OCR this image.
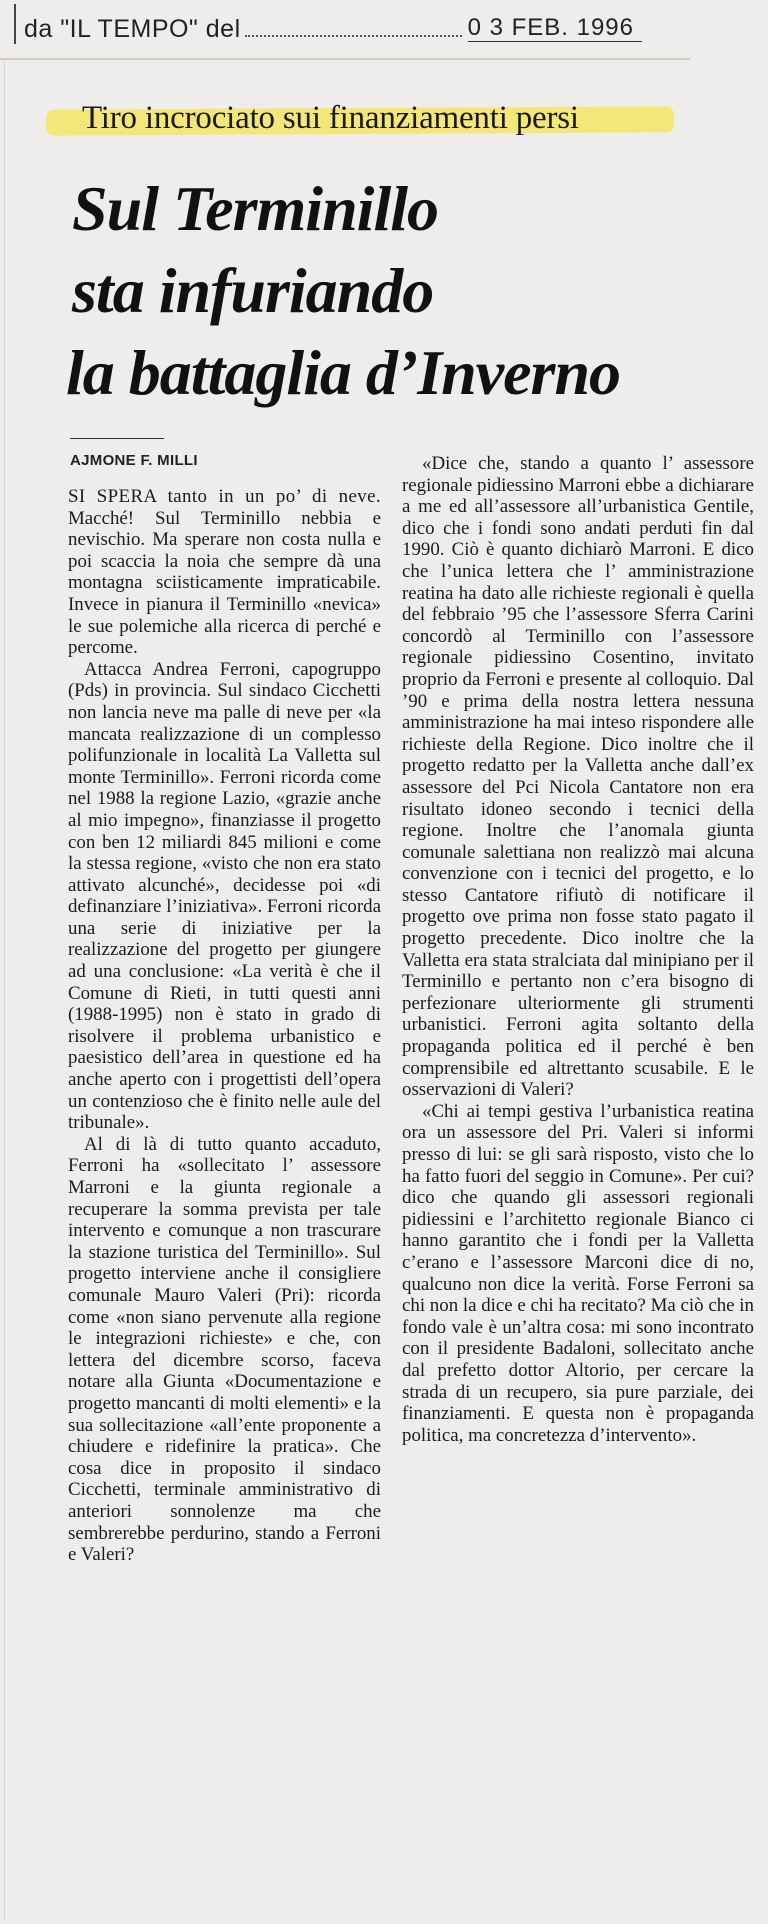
da "IL TEMPO" del	0 3 FEB. 1996
Tiro incrociato sui finanziamenti persi
Sul Terminillo
sta infuriando
la battaglia d’Inverno
AJMONE F. MILLI

SI SPERA tanto in un po’ di neve. Macché! Sul Terminillo nebbia e nevischio. Ma sperare non costa nulla e poi scaccia la noia che sempre dà una montagna sciisticamente impraticabile. Invece in pianura il Terminillo «nevica» le sue polemiche alla ricerca di perché e percome.

Attacca Andrea Ferroni, capogruppo (Pds) in provincia. Sul sindaco Cicchetti non lancia neve ma palle di neve per «la mancata realizzazione di un complesso polifunzionale in località La Valletta sul monte Terminillo». Ferroni ricorda come nel 1988 la regione Lazio, «grazie anche al mio impegno», finanziasse il progetto con ben 12 miliardi 845 milioni e come la stessa regione, «visto che non era stato attivato alcunché», decidesse poi «di definanziare l’iniziativa». Ferroni ricorda una serie di iniziative per la realizzazione del progetto per giungere ad una conclusione: «La verità è che il Comune di Rieti, in tutti questi anni (1988-1995) non è stato in grado di risolvere il problema urbanistico e paesistico dell’area in questione ed ha anche aperto con i progettisti dell’opera un contenzioso che è finito nelle aule del tribunale».

Al di là di tutto quanto accaduto, Ferroni ha «sollecitato l’ assessore Marroni e la giunta regionale a recuperare la somma prevista per tale intervento e comunque a non trascurare la stazione turistica del Terminillo». Sul progetto interviene anche il consigliere comunale Mauro Valeri (Pri): ricorda come «non siano pervenute alla regione le integrazioni richieste» e che, con lettera del dicembre scorso, faceva notare alla Giunta «Documentazione e progetto mancanti di molti elementi» e la sua sollecitazione «all’ente proponente a chiudere e ridefinire la pratica». Che cosa dice in proposito il sindaco Cicchetti, terminale amministrativo di anteriori sonnolenze ma che sembrerebbe perdurino, stando a Ferroni e Valeri?

«Dice che, stando a quanto l’ assessore regionale pidiessino Marroni ebbe a dichiarare a me ed all’assessore all’urbanistica Gentile, dico che i fondi sono andati perduti fin dal 1990. Ciò è quanto dichiarò Marroni. E dico che l’unica lettera che l’ amministrazione reatina ha dato alle richieste regionali è quella del febbraio ’95 che l’assessore Sferra Carini concordò al Terminillo con l’assessore regionale pidiessino Cosentino, invitato proprio da Ferroni e presente al colloquio. Dal ’90 e prima della nostra lettera nessuna amministrazione ha mai inteso rispondere alle richieste della Regione. Dico inoltre che il progetto redatto per la Valletta anche dall’ex assessore del Pci Nicola Cantatore non era risultato idoneo secondo i tecnici della regione. Inoltre che l’anomala giunta comunale salettiana non realizzò mai alcuna convenzione con i tecnici del progetto, e lo stesso Cantatore rifiutò di notificare il progetto ove prima non fosse stato pagato il progetto precedente. Dico inoltre che la Valletta era stata stralciata dal minipiano per il Terminillo e pertanto non c’era bisogno di perfezionare ulteriormente gli strumenti urbanistici. Ferroni agita soltanto della propaganda politica ed il perché è ben comprensibile ed altrettanto scusabile. E le osservazioni di Valeri?

«Chi ai tempi gestiva l’urbanistica reatina ora un assessore del Pri. Valeri si informi presso di lui: se gli sarà risposto, visto che lo ha fatto fuori del seggio in Comune». Per cui? dico che quando gli assessori regionali pidiessini e l’architetto regionale Bianco ci hanno garantito che i fondi per la Valletta c’erano e l’assessore Marconi dice di no, qualcuno non dice la verità. Forse Ferroni sa chi non la dice e chi ha recitato? Ma ciò che in fondo vale è un’altra cosa: mi sono incontrato con il presidente Badaloni, sollecitato anche dal prefetto dottor Altorio, per cercare la strada di un recupero, sia pure parziale, dei finanziamenti. E questa non è propaganda politica, ma concretezza d’intervento».
